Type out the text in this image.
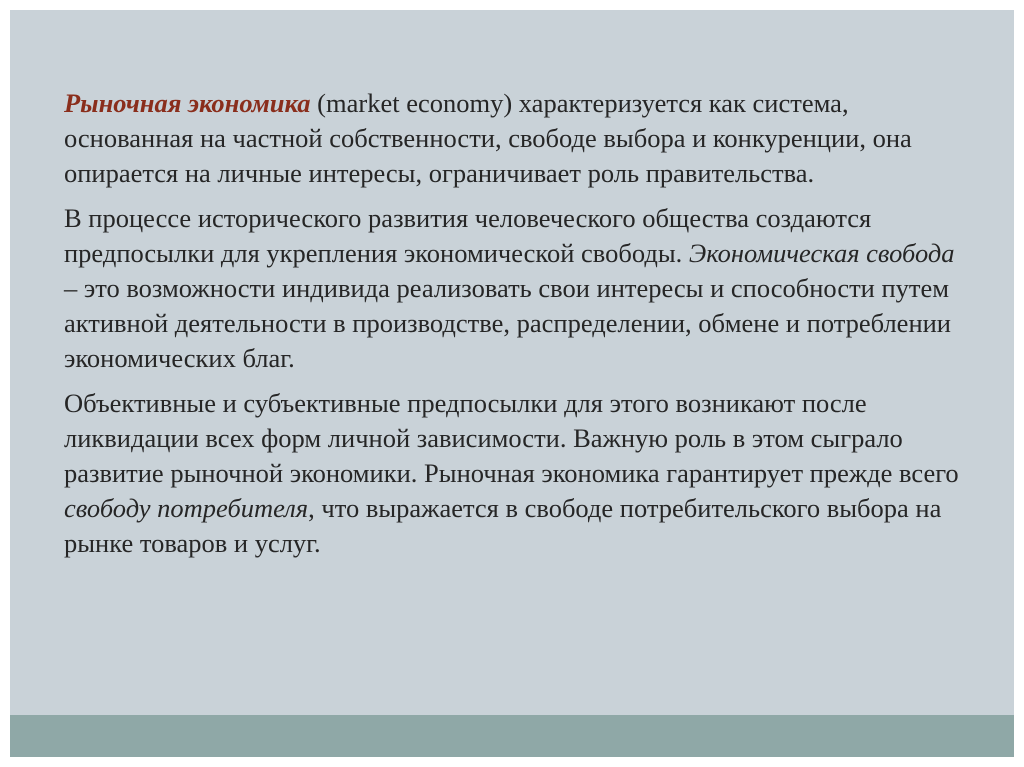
Рыночная экономика (market economy) характеризуется как система, основанная на частной собственности, свободе выбора и конкуренции, она опирается на личные интересы, ограничивает роль правительства.

В процессе исторического развития человеческого общества создаются предпосылки для укрепления экономической свободы. Экономическая свобода – это возможности индивида реализовать свои интересы и способности путем активной деятельности в производстве, распределении, обмене и потреблении экономических благ.

Объективные и субъективные предпосылки для этого возникают после ликвидации всех форм личной зависимости. Важную роль в этом сыграло развитие рыночной экономики. Рыночная экономика гарантирует прежде всего свободу потребителя, что выражается в свободе потребительского выбора на рынке товаров и услуг.
